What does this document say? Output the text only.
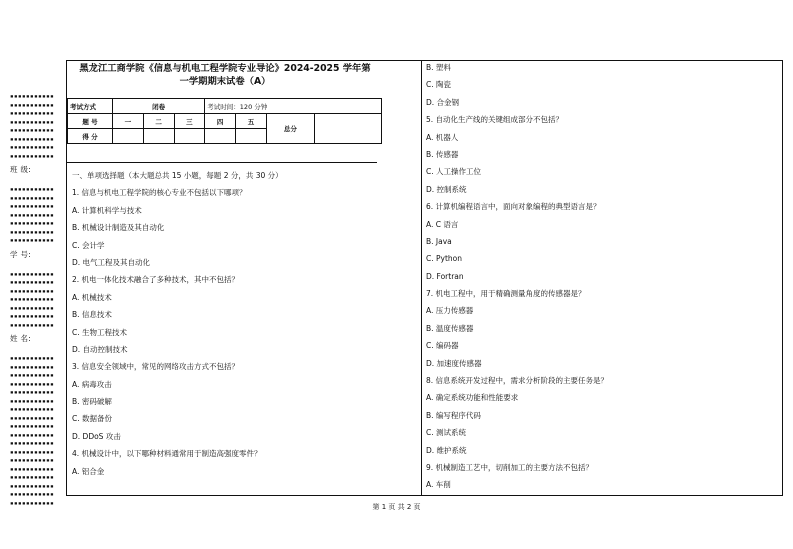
▪▪▪▪▪▪▪▪▪▪▪
▪▪▪▪▪▪▪▪▪▪▪
▪▪▪▪▪▪▪▪▪▪▪
▪▪▪▪▪▪▪▪▪▪▪
▪▪▪▪▪▪▪▪▪▪▪
▪▪▪▪▪▪▪▪▪▪▪
▪▪▪▪▪▪▪▪▪▪▪
▪▪▪▪▪▪▪▪▪▪▪
班 级:
▪▪▪▪▪▪▪▪▪▪▪
▪▪▪▪▪▪▪▪▪▪▪
▪▪▪▪▪▪▪▪▪▪▪
▪▪▪▪▪▪▪▪▪▪▪
▪▪▪▪▪▪▪▪▪▪▪
▪▪▪▪▪▪▪▪▪▪▪
▪▪▪▪▪▪▪▪▪▪▪
学 号:
▪▪▪▪▪▪▪▪▪▪▪
▪▪▪▪▪▪▪▪▪▪▪
▪▪▪▪▪▪▪▪▪▪▪
▪▪▪▪▪▪▪▪▪▪▪
▪▪▪▪▪▪▪▪▪▪▪
▪▪▪▪▪▪▪▪▪▪▪
▪▪▪▪▪▪▪▪▪▪▪
姓 名:
▪▪▪▪▪▪▪▪▪▪▪
▪▪▪▪▪▪▪▪▪▪▪
▪▪▪▪▪▪▪▪▪▪▪
▪▪▪▪▪▪▪▪▪▪▪
▪▪▪▪▪▪▪▪▪▪▪
▪▪▪▪▪▪▪▪▪▪▪
▪▪▪▪▪▪▪▪▪▪▪
▪▪▪▪▪▪▪▪▪▪▪
▪▪▪▪▪▪▪▪▪▪▪
▪▪▪▪▪▪▪▪▪▪▪
▪▪▪▪▪▪▪▪▪▪▪
▪▪▪▪▪▪▪▪▪▪▪
▪▪▪▪▪▪▪▪▪▪▪
▪▪▪▪▪▪▪▪▪▪▪
▪▪▪▪▪▪▪▪▪▪▪
▪▪▪▪▪▪▪▪▪▪▪
▪▪▪▪▪▪▪▪▪▪▪
▪▪▪▪▪▪▪▪▪▪▪
黑龙江工商学院《信息与机电工程学院专业导论》2024-2025 学年第
一学期期末试卷（A）
考试方式	闭卷			考试时间：120 分钟			
题 号	一	二	三	四	五	总分	
得 分							
一、单项选择题（本大题总共 15 小题，每题 2 分，共 30 分）
1. 信息与机电工程学院的核心专业不包括以下哪项？
A. 计算机科学与技术
B. 机械设计制造及其自动化
C. 会计学
D. 电气工程及其自动化
2. 机电一体化技术融合了多种技术，其中不包括？
A. 机械技术
B. 信息技术
C. 生物工程技术
D. 自动控制技术
3. 信息安全领域中，常见的网络攻击方式不包括？
A. 病毒攻击
B. 密码破解
C. 数据备份
D. DDoS 攻击
4. 机械设计中，以下哪种材料通常用于制造高强度零件？
A. 铝合金
B. 塑料
C. 陶瓷
D. 合金钢
5. 自动化生产线的关键组成部分不包括？
A. 机器人
B. 传感器
C. 人工操作工位
D. 控制系统
6. 计算机编程语言中，面向对象编程的典型语言是？
A. C 语言
B. Java
C. Python
D. Fortran
7. 机电工程中，用于精确测量角度的传感器是？
A. 压力传感器
B. 温度传感器
C. 编码器
D. 加速度传感器
8. 信息系统开发过程中，需求分析阶段的主要任务是？
A. 确定系统功能和性能要求
B. 编写程序代码
C. 测试系统
D. 维护系统
9. 机械制造工艺中，切削加工的主要方法不包括？
A. 车削
第 1 页 共 2 页
